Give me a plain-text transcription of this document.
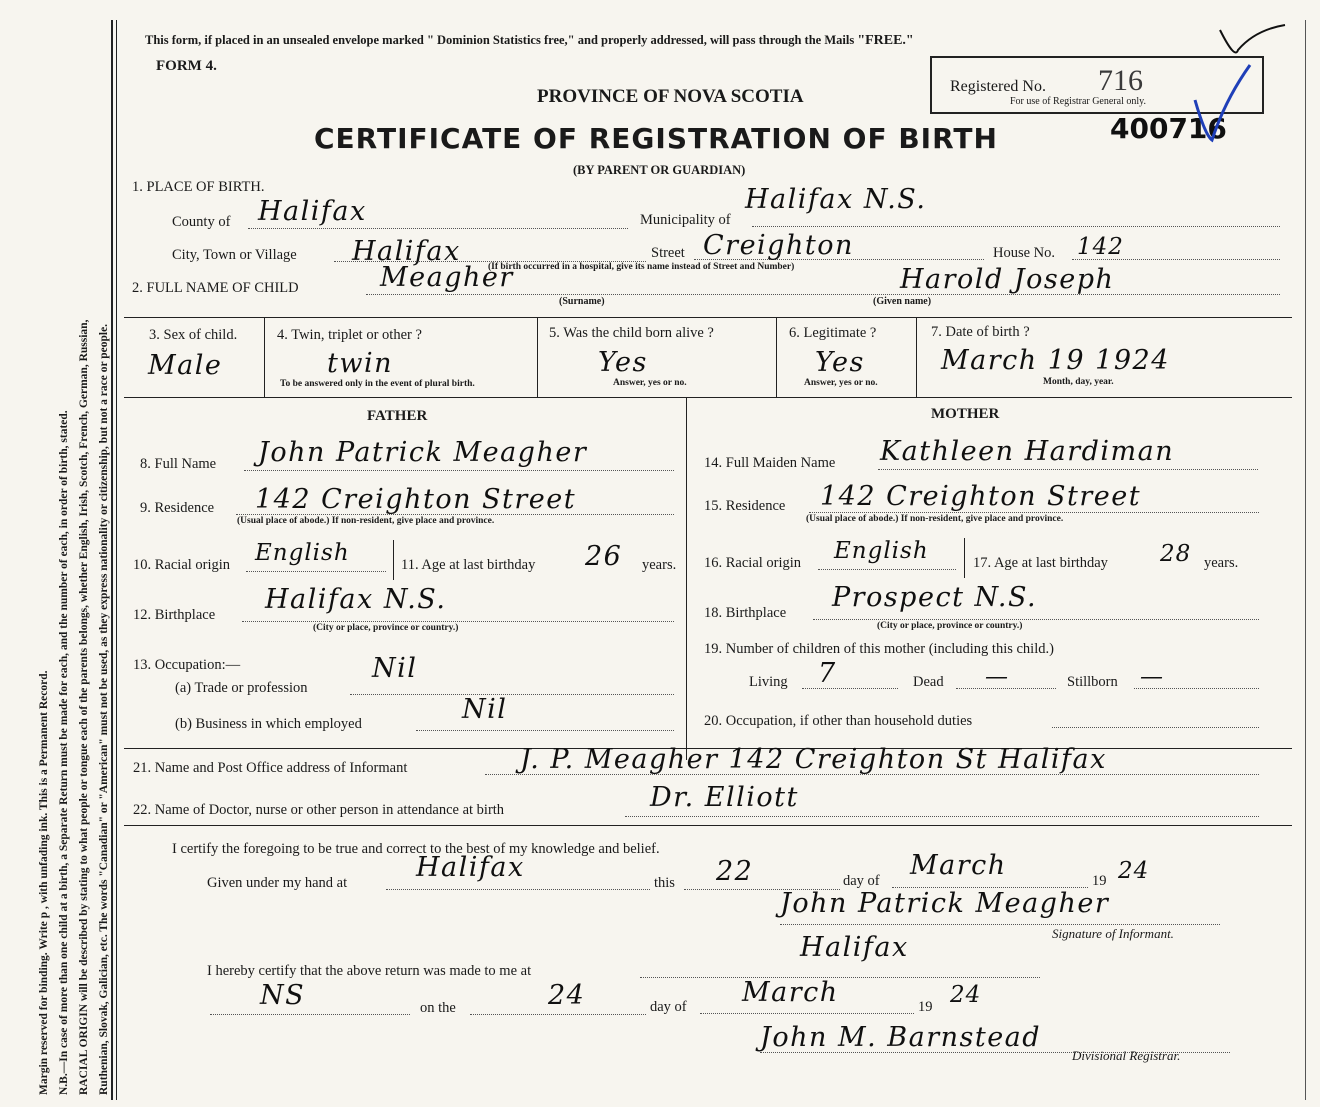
Margin reserved for binding. Write p , with unfading ink. This is a Permanent Record. N.B.—In case of more than one child at a birth, a Separate Return must be made for each, and the number of each, in order of birth, stated. RACIAL ORIGIN will be described by stating to what people or tongue each of the parents belongs, whether English, Irish, Scotch, French, German, Russian, Ruthenian, Slovak, Galician, etc. The words "Canadian" or "American" must not be used, as they express nationality or citizenship, but not a race or people.
This form, if placed in an unsealed envelope marked " Dominion Statistics free," and properly addressed, will pass through the Mails "FREE."
FORM 4.
Registered No. 716
For use of Registrar General only.
400716
PROVINCE OF NOVA SCOTIA
CERTIFICATE OF REGISTRATION OF BIRTH
(BY PARENT OR GUARDIAN)
1. PLACE OF BIRTH.
County of Halifax	Municipality of
Halifax N.S.
City, Town or Village Halifax	Street Creighton	House No. 142
(If birth occurred in a hospital, give its name instead of Street and Number)
2. FULL NAME OF CHILD	Meagher	Harold Joseph
(Surname)	(Given name)
3. Sex of child.
Male
4. Twin, triplet or other ?
twin
To be answered only in the event of plural birth.
5. Was the child born alive ?
Yes
Answer, yes or no.
6. Legitimate ?
Yes
Answer, yes or no.
7. Date of birth ?
March 19 1924
Month, day, year.
FATHER	MOTHER
8. Full Name John Patrick Meagher
9. Residence 142 Creighton Street
(Usual place of abode.) If non-resident, give place and province.
10. Racial origin English	11. Age at last birthday 26 years.
12. Birthplace Halifax N.S.
(City or place, province or country.)
13. Occupation:—
(a) Trade or profession
Nil
(b) Business in which employed	Nil
14. Full Maiden Name Kathleen Hardiman
15. Residence 142 Creighton Street
(Usual place of abode.) If non-resident, give place and province.
16. Racial origin English	17. Age at last birthday 28 years.
18. Birthplace Prospect N.S.
(City or place, province or country.)
19. Number of children of this mother (including this child.)
Living 7	Dead —	Stillborn —
20. Occupation, if other than household duties
21. Name and Post Office address of Informant	J. P. Meagher 142 Creighton St Halifax
22. Name of Doctor, nurse or other person in attendance at birth	Dr. Elliott
I certify the foregoing to be true and correct to the best of my knowledge and belief.
Given under my hand at	Halifax	this 22	day of March	19 24
John Patrick Meagher
Signature of Informant.
Halifax
I hereby certify that the above return was made to me at
NS	on the	24	day of March	19 24
John M. Barnstead
Divisional Registrar.
